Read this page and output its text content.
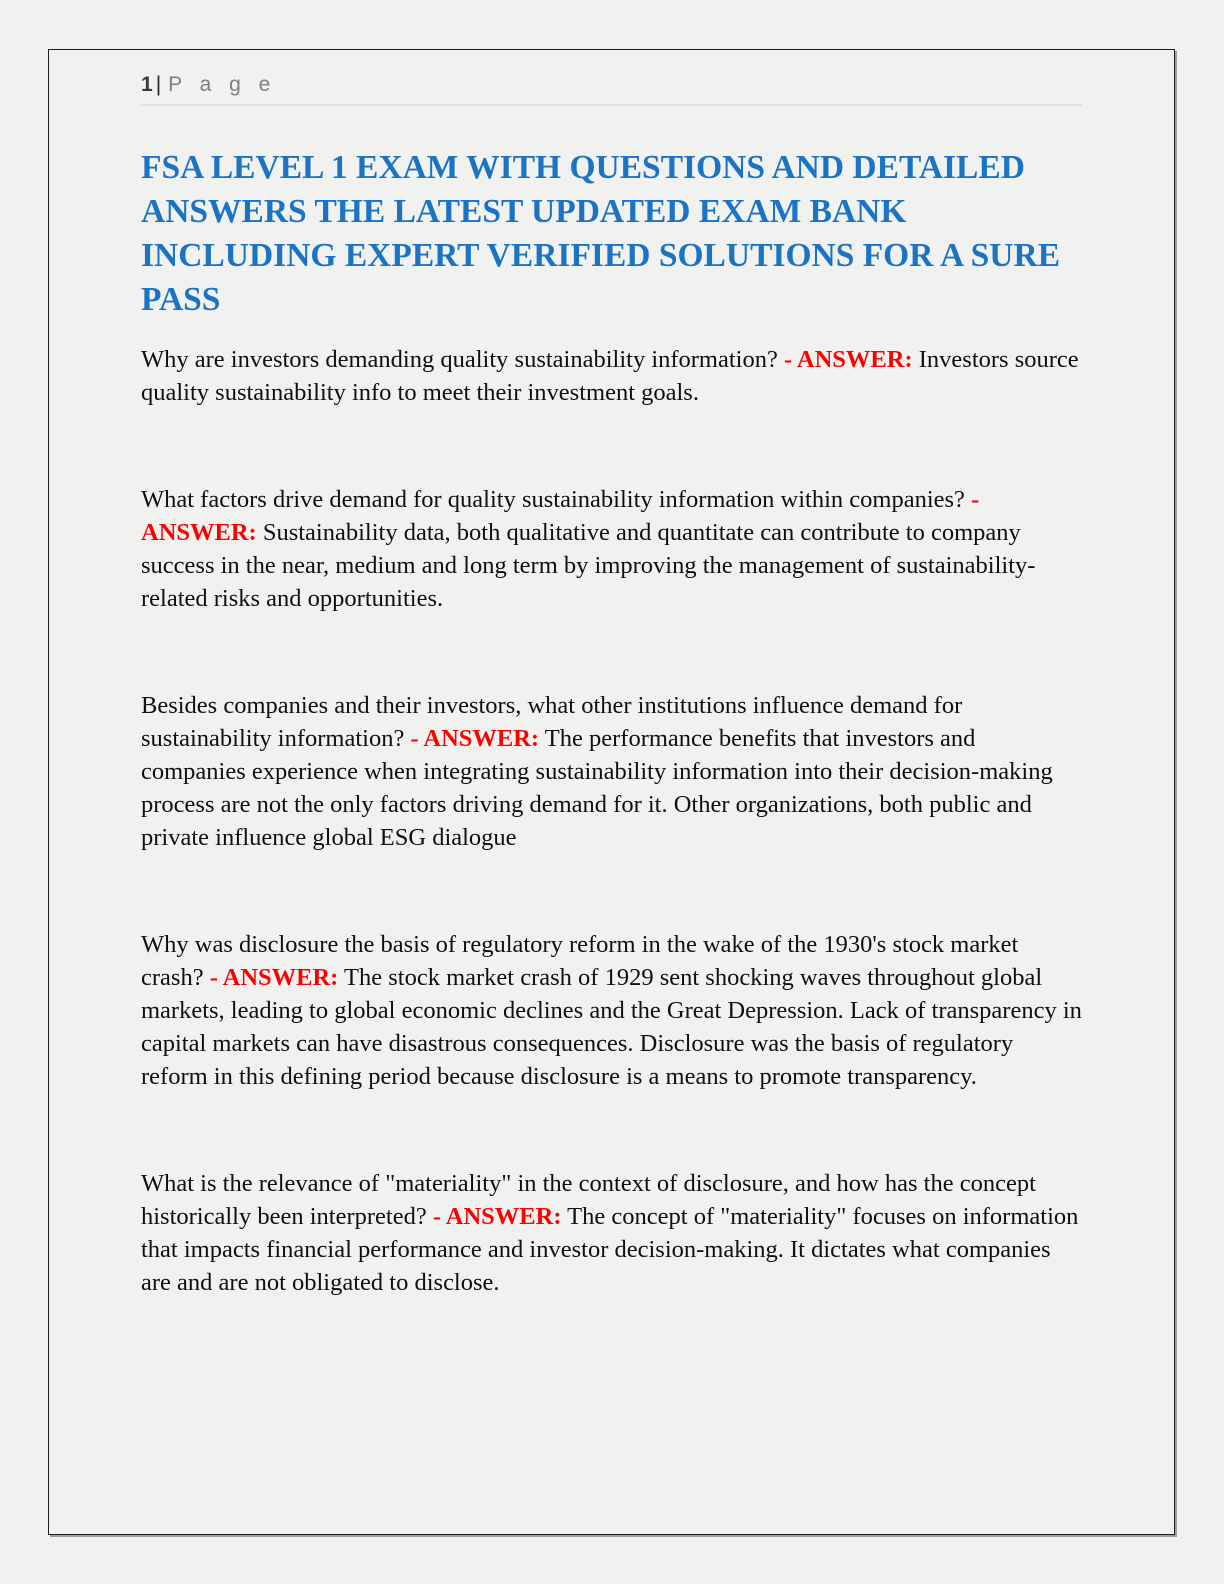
1 | P a g e
FSA LEVEL 1 EXAM WITH QUESTIONS AND DETAILED ANSWERS THE LATEST UPDATED EXAM BANK INCLUDING EXPERT VERIFIED SOLUTIONS FOR A SURE PASS

Why are investors demanding quality sustainability information? - ANSWER: Investors source quality sustainability info to meet their investment goals.

What factors drive demand for quality sustainability information within companies? - ANSWER: Sustainability data, both qualitative and quantitate can contribute to company success in the near, medium and long term by improving the management of sustainability-related risks and opportunities.

Besides companies and their investors, what other institutions influence demand for sustainability information? - ANSWER: The performance benefits that investors and companies experience when integrating sustainability information into their decision-making process are not the only factors driving demand for it. Other organizations, both public and private influence global ESG dialogue

Why was disclosure the basis of regulatory reform in the wake of the 1930's stock market crash? - ANSWER: The stock market crash of 1929 sent shocking waves throughout global markets, leading to global economic declines and the Great Depression. Lack of transparency in capital markets can have disastrous consequences. Disclosure was the basis of regulatory reform in this defining period because disclosure is a means to promote transparency.

What is the relevance of "materiality" in the context of disclosure, and how has the concept historically been interpreted? - ANSWER: The concept of "materiality" focuses on information that impacts financial performance and investor decision-making. It dictates what companies are and are not obligated to disclose.
